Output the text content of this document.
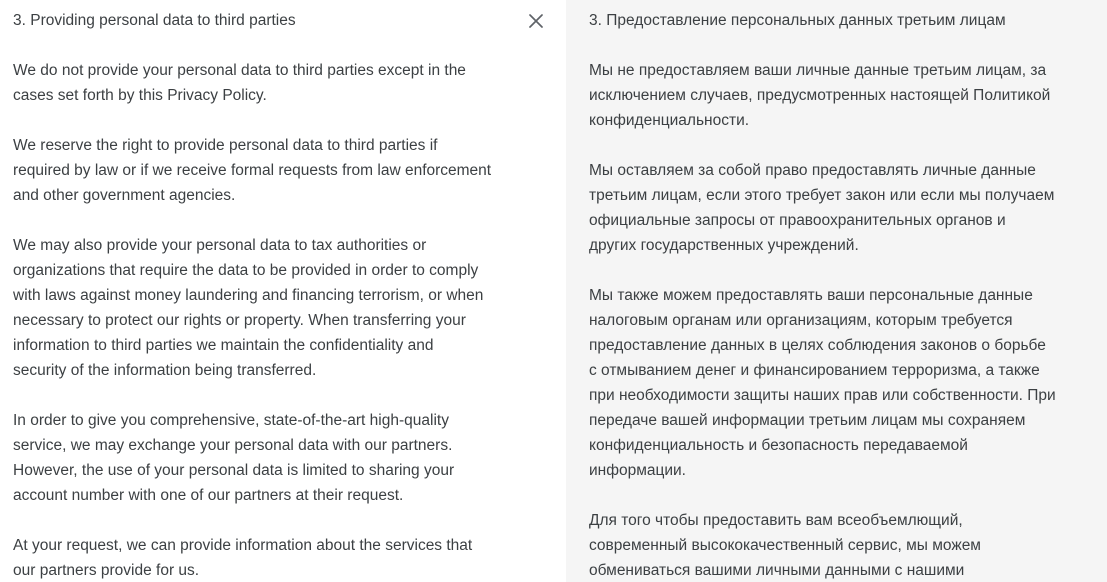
3. Providing personal data to third parties
We do not provide your personal data to third parties except in the
cases set forth by this Privacy Policy.
We reserve the right to provide personal data to third parties if
required by law or if we receive formal requests from law enforcement
and other government agencies.
We may also provide your personal data to tax authorities or
organizations that require the data to be provided in order to comply
with laws against money laundering and financing terrorism, or when
necessary to protect our rights or property. When transferring your
information to third parties we maintain the confidentiality and
security of the information being transferred.
In order to give you comprehensive, state-of-the-art high-quality
service, we may exchange your personal data with our partners.
However, the use of your personal data is limited to sharing your
account number with one of our partners at their request.
At your request, we can provide information about the services that
our partners provide for us.
3. Предоставление персональных данных третьим лицам
Мы не предоставляем ваши личные данные третьим лицам, за
исключением случаев, предусмотренных настоящей Политикой
конфиденциальности.
Мы оставляем за собой право предоставлять личные данные
третьим лицам, если этого требует закон или если мы получаем
официальные запросы от правоохранительных органов и
других государственных учреждений.
Мы также можем предоставлять ваши персональные данные
налоговым органам или организациям, которым требуется
предоставление данных в целях соблюдения законов о борьбе
с отмыванием денег и финансированием терроризма, а также
при необходимости защиты наших прав или собственности. При
передаче вашей информации третьим лицам мы сохраняем
конфиденциальность и безопасность передаваемой
информации.
Для того чтобы предоставить вам всеобъемлющий,
современный высококачественный сервис, мы можем
обмениваться вашими личными данными с нашими
